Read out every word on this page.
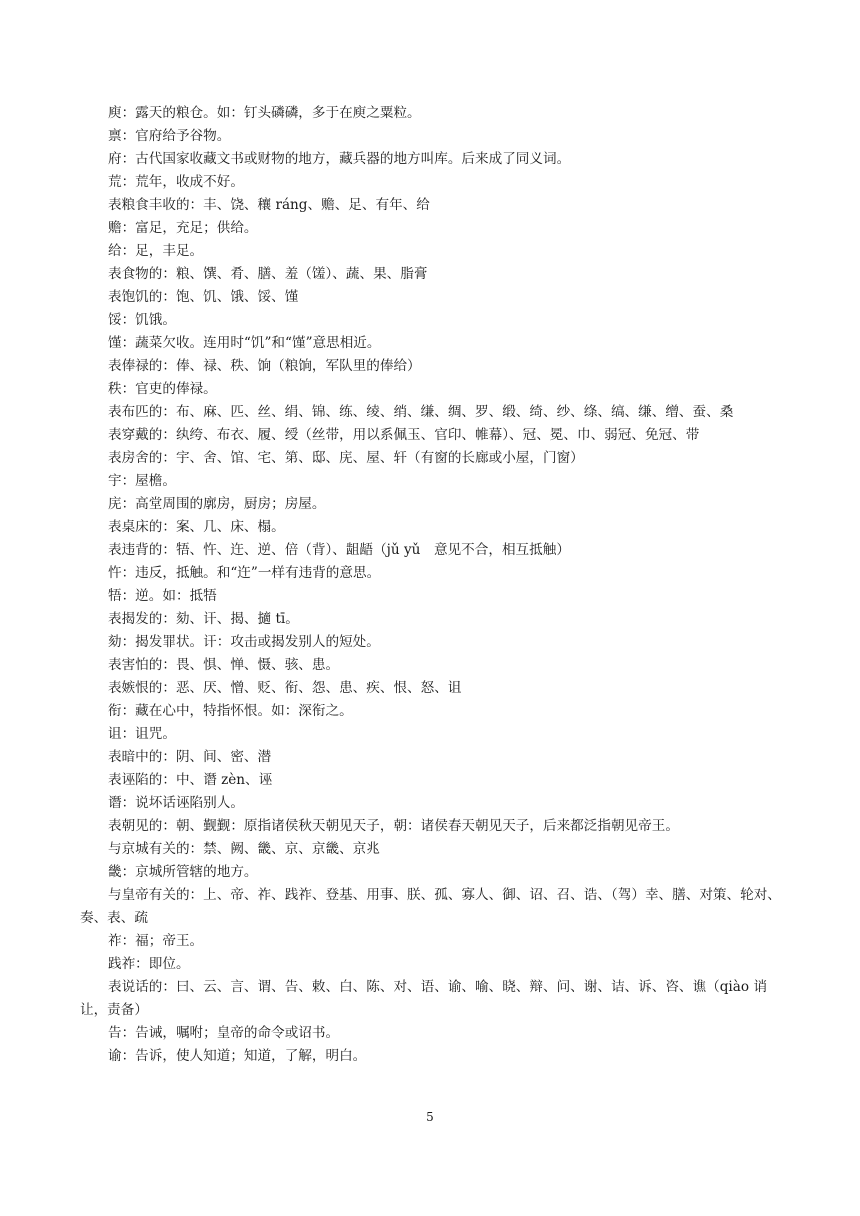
庾：露天的粮仓。如：钉头磷磷，多于在庾之粟粒。

禀：官府给予谷物。

府：古代国家收藏文书或财物的地方，藏兵器的地方叫库。后来成了同义词。

荒：荒年，收成不好。

表粮食丰收的：丰、饶、穰 ráng、赡、足、有年、给

赡：富足，充足；供给。

给：足，丰足。

表食物的：粮、馔、肴、膳、羞（馐）、蔬、果、脂膏

表饱饥的：饱、饥、饿、馁、馑

馁：饥饿。

馑：蔬菜欠收。连用时“饥”和“馑”意思相近。

表俸禄的：俸、禄、秩、饷（粮饷，军队里的俸给）

秩：官吏的俸禄。

表布匹的：布、麻、匹、丝、绢、锦、练、绫、绡、缣、绸、罗、缎、绮、纱、绦、缟、缣、缯、蚕、桑

表穿戴的：纨绔、布衣、履、绶（丝带，用以系佩玉、官印、帷幕）、冠、冕、巾、弱冠、免冠、带

表房舍的：宇、舍、馆、宅、第、邸、庑、屋、轩（有窗的长廊或小屋，门窗）

宇：屋檐。

庑：高堂周围的廓房，厨房；房屋。

表桌床的：案、几、床、榻。

表违背的：牾、忤、迕、逆、倍（背）、龃龉（jǔ yǔ　意见不合，相互抵触）

忤：违反，抵触。和“迕”一样有违背的意思。

牾：逆。如：抵牾

表揭发的：劾、讦、揭、擿 tī。

劾：揭发罪状。讦：攻击或揭发别人的短处。

表害怕的：畏、惧、惮、慑、骇、患。

表嫉恨的：恶、厌、憎、贬、衔、怨、患、疾、恨、怒、诅

衔：藏在心中，特指怀恨。如：深衔之。

诅：诅咒。

表暗中的：阴、间、密、潜

表诬陷的：中、谮 zèn、诬

谮：说坏话诬陷别人。

表朝见的：朝、觐觐：原指诸侯秋天朝见天子，朝：诸侯春天朝见天子，后来都泛指朝见帝王。

与京城有关的：禁、阙、畿、京、京畿、京兆

畿：京城所管辖的地方。

与皇帝有关的：上、帝、祚、践祚、登基、用事、朕、孤、寡人、御、诏、召、诰、（驾）幸、膳、对策、轮对、奏、表、疏

祚：福；帝王。

践祚：即位。

表说话的：曰、云、言、谓、告、敕、白、陈、对、语、谕、喻、晓、辩、问、谢、诘、诉、咨、谯（qiào 诮让，责备）

告：告诫，嘱咐；皇帝的命令或诏书。

谕：告诉，使人知道；知道，了解，明白。

5
